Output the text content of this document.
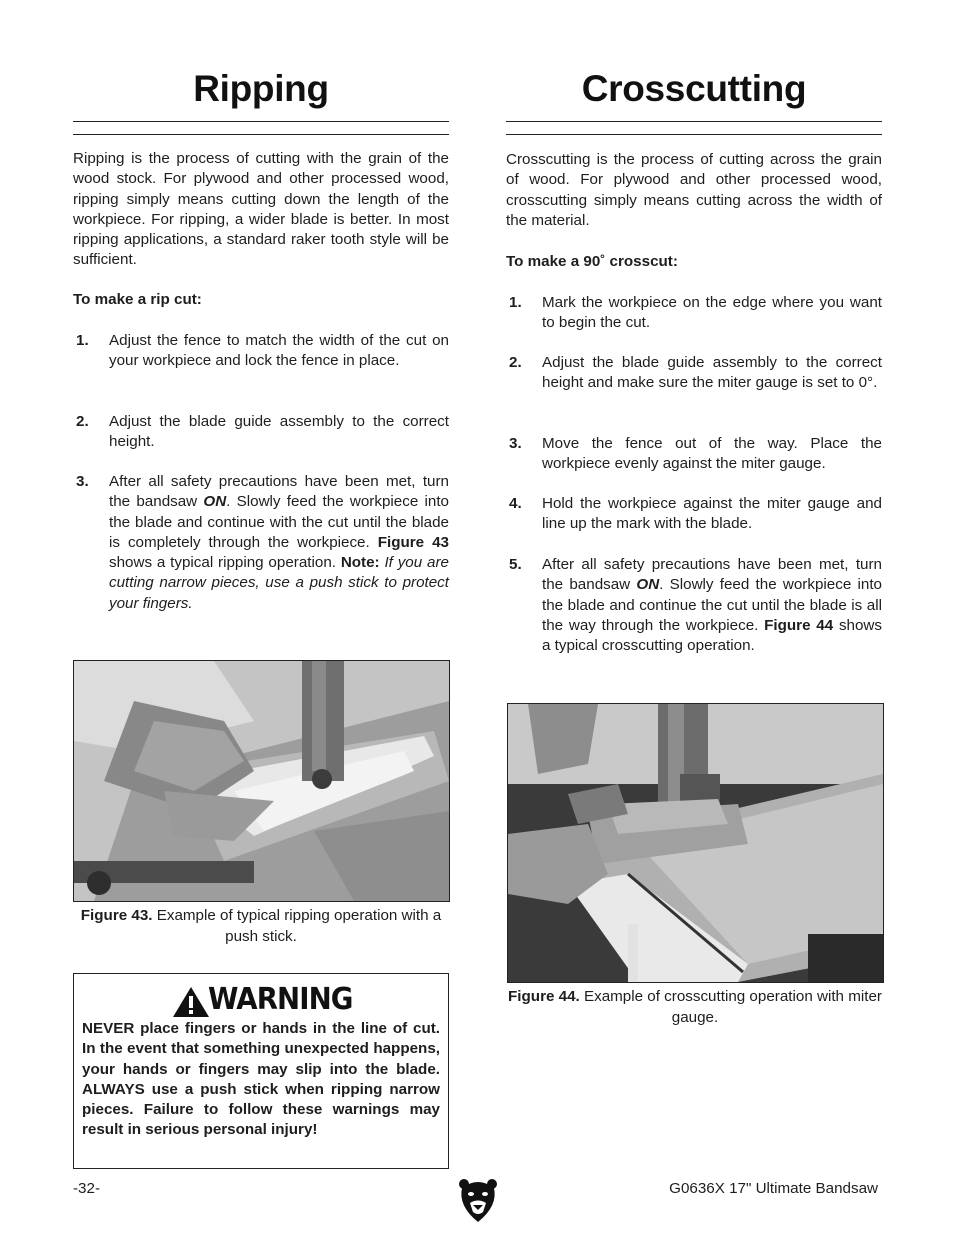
Ripping

Ripping is the process of cutting with the grain of the wood stock. For plywood and other processed wood, ripping simply means cutting down the length of the workpiece. For ripping, a wider blade is better. In most ripping applications, a standard raker tooth style will be sufficient.

To make a rip cut:
1. Adjust the fence to match the width of the cut on your workpiece and lock the fence in place.
2. Adjust the blade guide assembly to the correct height.
3. After all safety precautions have been met, turn the bandsaw ON. Slowly feed the workpiece into the blade and continue with the cut until the blade is completely through the workpiece. Figure 43 shows a typical ripping operation. Note: If you are cutting narrow pieces, use a push stick to protect your fingers.
Figure 43. Example of typical ripping operation with a push stick.
WARNING
NEVER place fingers or hands in the line of cut. In the event that something unexpected happens, your hands or fingers may slip into the blade. ALWAYS use a push stick when ripping narrow pieces. Failure to follow these warnings may result in serious personal injury!
Crosscutting

Crosscutting is the process of cutting across the grain of wood. For plywood and other processed wood, crosscutting simply means cutting across the width of the material.

To make a 90˚ crosscut:
1. Mark the workpiece on the edge where you want to begin the cut.
2. Adjust the blade guide assembly to the correct height and make sure the miter gauge is set to 0°.
3. Move the fence out of the way. Place the workpiece evenly against the miter gauge.
4. Hold the workpiece against the miter gauge and line up the mark with the blade.
5. After all safety precautions have been met, turn the bandsaw ON. Slowly feed the workpiece into the blade and continue the cut until the blade is all the way through the workpiece. Figure 44 shows a typical crosscutting operation.
Figure 44. Example of crosscutting operation with miter gauge.
-32-	G0636X 17" Ultimate Bandsaw
